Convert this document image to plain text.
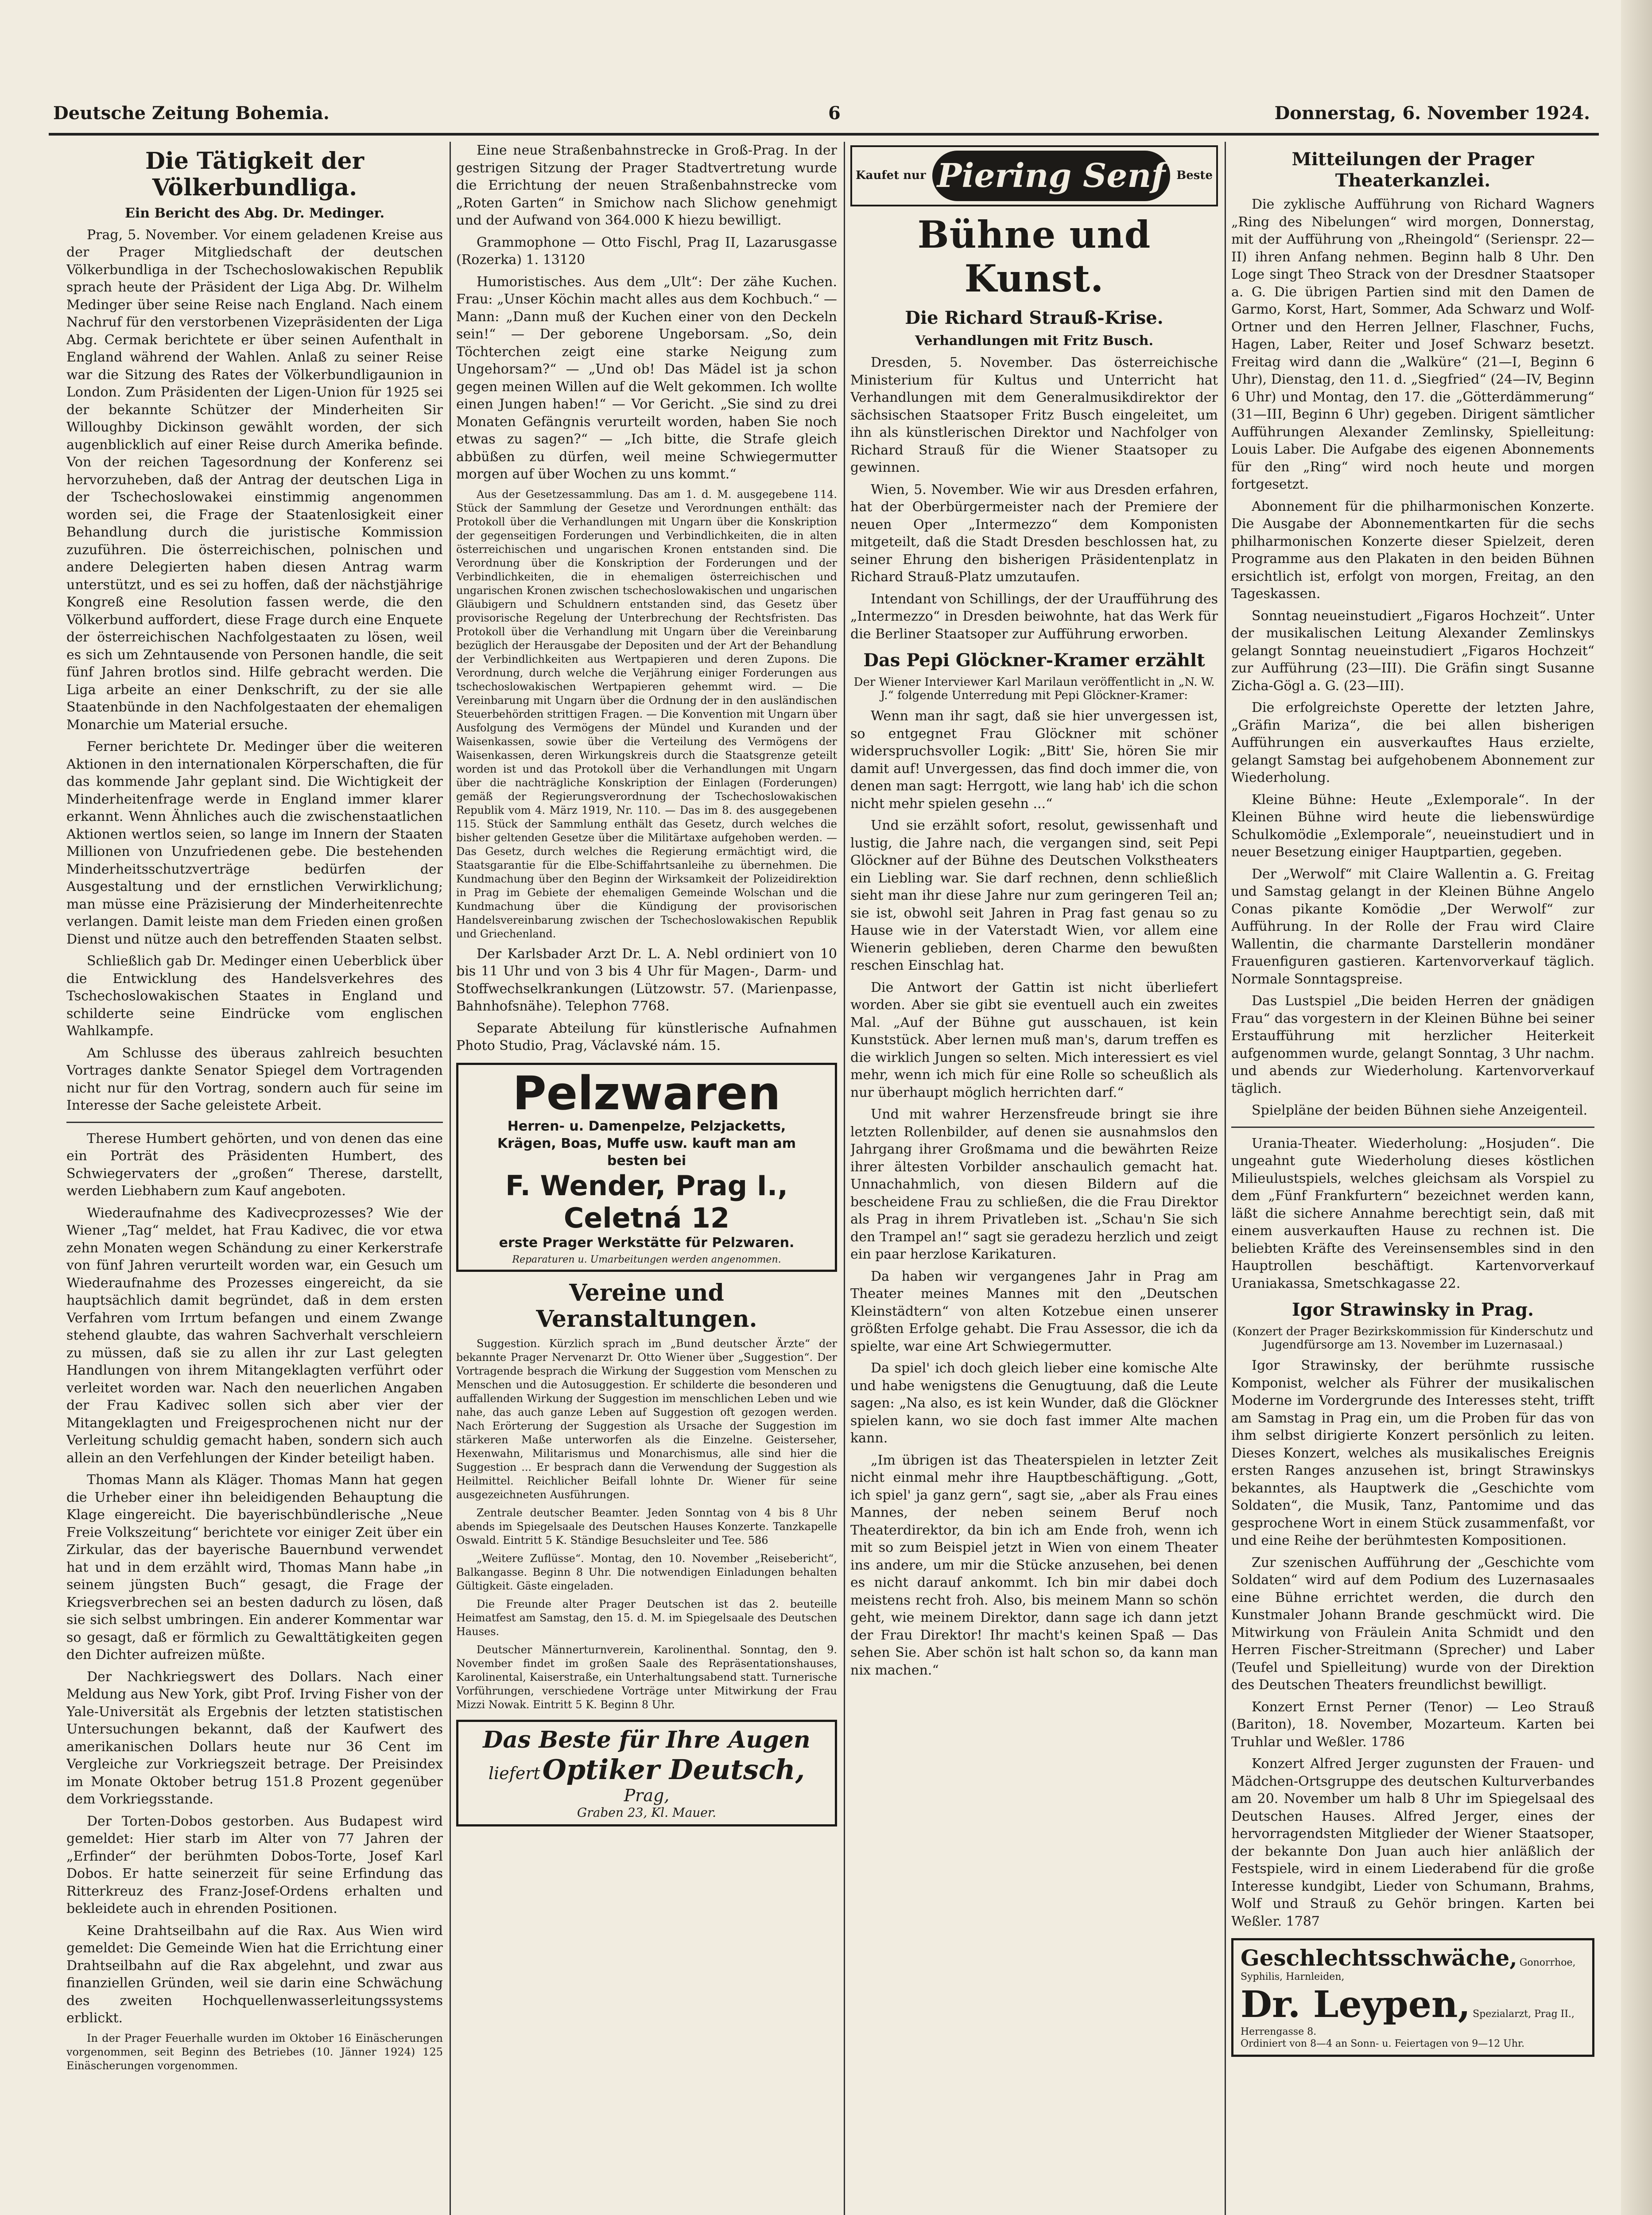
Deutsche Zeitung Bohemia.	6	Donnerstag, 6. November 1924.
Die Tätigkeit der Völkerbundliga.
Ein Bericht des Abg. Dr. Medinger.

Prag, 5. November. Vor einem geladenen Kreise aus der Prager Mitgliedschaft der deutschen Völkerbundliga in der Tschechoslowakischen Republik sprach heute der Präsident der Liga Abg. Dr. Wilhelm Medinger über seine Reise nach England. Nach einem Nachruf für den verstorbenen Vizepräsidenten der Liga Abg. Cermak berichtete er über seinen Aufenthalt in England während der Wahlen. Anlaß zu seiner Reise war die Sitzung des Rates der Völkerbundligaunion in London. Zum Präsidenten der Ligen-Union für 1925 sei der bekannte Schützer der Minderheiten Sir Willoughby Dickinson gewählt worden, der sich augenblicklich auf einer Reise durch Amerika befinde. Von der reichen Tagesordnung der Konferenz sei hervorzuheben, daß der Antrag der deutschen Liga in der Tschechoslowakei einstimmig angenommen worden sei, die Frage der Staatenlosigkeit einer Behandlung durch die juristische Kommission zuzuführen. Die österreichischen, polnischen und andere Delegierten haben diesen Antrag warm unterstützt, und es sei zu hoffen, daß der nächstjährige Kongreß eine Resolution fassen werde, die den Völkerbund auffordert, diese Frage durch eine Enquete der österreichischen Nachfolgestaaten zu lösen, weil es sich um Zehntausende von Personen handle, die seit fünf Jahren brotlos sind. Hilfe gebracht werden. Die Liga arbeite an einer Denkschrift, zu der sie alle Staatenbünde in den Nachfolgestaaten der ehemaligen Monarchie um Material ersuche.

Ferner berichtete Dr. Medinger über die weiteren Aktionen in den internationalen Körperschaften, die für das kommende Jahr geplant sind. Die Wichtigkeit der Minderheitenfrage werde in England immer klarer erkannt. Wenn Ähnliches auch die zwischenstaatlichen Aktionen wertlos seien, so lange im Innern der Staaten Millionen von Unzufriedenen gebe. Die bestehenden Minderheitsschutzverträge bedürfen der Ausgestaltung und der ernstlichen Verwirklichung; man müsse eine Präzisierung der Minderheitenrechte verlangen. Damit leiste man dem Frieden einen großen Dienst und nütze auch den betreffenden Staaten selbst.

Schließlich gab Dr. Medinger einen Ueberblick über die Entwicklung des Handelsverkehres des Tschechoslowakischen Staates in England und schilderte seine Eindrücke vom englischen Wahlkampfe.

Am Schlusse des überaus zahlreich besuchten Vortrages dankte Senator Spiegel dem Vortragenden nicht nur für den Vortrag, sondern auch für seine im Interesse der Sache geleistete Arbeit.

Therese Humbert gehörten, und von denen das eine ein Porträt des Präsidenten Humbert, des Schwiegervaters der „großen“ Therese, darstellt, werden Liebhabern zum Kauf angeboten.

Wiederaufnahme des Kadivecprozesses? Wie der Wiener „Tag“ meldet, hat Frau Kadivec, die vor etwa zehn Monaten wegen Schändung zu einer Kerkerstrafe von fünf Jahren verurteilt worden war, ein Gesuch um Wiederaufnahme des Prozesses eingereicht, da sie hauptsächlich damit begründet, daß in dem ersten Verfahren vom Irrtum befangen und einem Zwange stehend glaubte, das wahren Sachverhalt verschleiern zu müssen, daß sie zu allen ihr zur Last gelegten Handlungen von ihrem Mitangeklagten verführt oder verleitet worden war. Nach den neuerlichen Angaben der Frau Kadivec sollen sich aber vier der Mitangeklagten und Freigesprochenen nicht nur der Verleitung schuldig gemacht haben, sondern sich auch allein an den Verfehlungen der Kinder beteiligt haben.

Thomas Mann als Kläger. Thomas Mann hat gegen die Urheber einer ihn beleidigenden Behauptung die Klage eingereicht. Die bayerischbündlerische „Neue Freie Volkszeitung“ berichtete vor einiger Zeit über ein Zirkular, das der bayerische Bauernbund verwendet hat und in dem erzählt wird, Thomas Mann habe „in seinem jüngsten Buch“ gesagt, die Frage der Kriegsverbrechen sei an besten dadurch zu lösen, daß sie sich selbst umbringen. Ein anderer Kommentar war so gesagt, daß er förmlich zu Gewalttätigkeiten gegen den Dichter aufreizen müßte.

Der Nachkriegswert des Dollars. Nach einer Meldung aus New York, gibt Prof. Irving Fisher von der Yale-Universität als Ergebnis der letzten statistischen Untersuchungen bekannt, daß der Kaufwert des amerikanischen Dollars heute nur 36 Cent im Vergleiche zur Vorkriegszeit betrage. Der Preisindex im Monate Oktober betrug 151.8 Prozent gegenüber dem Vorkriegsstande.

Der Torten-Dobos gestorben. Aus Budapest wird gemeldet: Hier starb im Alter von 77 Jahren der „Erfinder“ der berühmten Dobos-Torte, Josef Karl Dobos. Er hatte seinerzeit für seine Erfindung das Ritterkreuz des Franz-Josef-Ordens erhalten und bekleidete auch in ehrenden Positionen.

Keine Drahtseilbahn auf die Rax. Aus Wien wird gemeldet: Die Gemeinde Wien hat die Errichtung einer Drahtseilbahn auf die Rax abgelehnt, und zwar aus finanziellen Gründen, weil sie darin eine Schwächung des zweiten Hochquellenwasserleitungssystems erblickt.

In der Prager Feuerhalle wurden im Oktober 16 Einäscherungen vorgenommen, seit Beginn des Betriebes (10. Jänner 1924) 125 Einäscherungen vorgenommen.

Eine neue Straßenbahnstrecke in Groß-Prag. In der gestrigen Sitzung der Prager Stadtvertretung wurde die Errichtung der neuen Straßenbahnstrecke vom „Roten Garten“ in Smichow nach Slichow genehmigt und der Aufwand von 364.000 K hiezu bewilligt.

Grammophone — Otto Fischl, Prag II, Lazarusgasse (Rozerka) 1. 13120

Humoristisches. Aus dem „Ult“: Der zähe Kuchen. Frau: „Unser Köchin macht alles aus dem Kochbuch.“ — Mann: „Dann muß der Kuchen einer von den Deckeln sein!“ — Der geborene Ungeborsam. „So, dein Töchterchen zeigt eine starke Neigung zum Ungehorsam?“ — „Und ob! Das Mädel ist ja schon gegen meinen Willen auf die Welt gekommen. Ich wollte einen Jungen haben!“ — Vor Gericht. „Sie sind zu drei Monaten Gefängnis verurteilt worden, haben Sie noch etwas zu sagen?“ — „Ich bitte, die Strafe gleich abbüßen zu dürfen, weil meine Schwiegermutter morgen auf über Wochen zu uns kommt.“

Aus der Gesetzessammlung. Das am 1. d. M. ausgegebene 114. Stück der Sammlung der Gesetze und Verordnungen enthält: das Protokoll über die Verhandlungen mit Ungarn über die Konskription der gegenseitigen Forderungen und Verbindlichkeiten, die in alten österreichischen und ungarischen Kronen entstanden sind. Die Verordnung über die Konskription der Forderungen und der Verbindlichkeiten, die in ehemaligen österreichischen und ungarischen Kronen zwischen tschechoslowakischen und ungarischen Gläubigern und Schuldnern entstanden sind, das Gesetz über provisorische Regelung der Unterbrechung der Rechtsfristen. Das Protokoll über die Verhandlung mit Ungarn über die Vereinbarung bezüglich der Herausgabe der Depositen und der Art der Behandlung der Verbindlichkeiten aus Wertpapieren und deren Zupons. Die Verordnung, durch welche die Verjährung einiger Forderungen aus tschechoslowakischen Wertpapieren gehemmt wird. — Die Vereinbarung mit Ungarn über die Ordnung der in den ausländischen Steuerbehörden strittigen Fragen. — Die Konvention mit Ungarn über Ausfolgung des Vermögens der Mündel und Kuranden und der Waisenkassen, sowie über die Verteilung des Vermögens der Waisenkassen, deren Wirkungskreis durch die Staatsgrenze geteilt worden ist und das Protokoll über die Verhandlungen mit Ungarn über die nachträgliche Konskription der Einlagen (Forderungen) gemäß der Regierungsverordnung der Tschechoslowakischen Republik vom 4. März 1919, Nr. 110. — Das im 8. des ausgegebenen 115. Stück der Sammlung enthält das Gesetz, durch welches die bisher geltenden Gesetze über die Militärtaxe aufgehoben werden. — Das Gesetz, durch welches die Regierung ermächtigt wird, die Staatsgarantie für die Elbe-Schiffahrtsanleihe zu übernehmen. Die Kundmachung über den Beginn der Wirksamkeit der Polizeidirektion in Prag im Gebiete der ehemaligen Gemeinde Wolschan und die Kundmachung über die Kündigung der provisorischen Handelsvereinbarung zwischen der Tschechoslowakischen Republik und Griechenland.

Der Karlsbader Arzt Dr. L. A. Nebl ordiniert von 10 bis 11 Uhr und von 3 bis 4 Uhr für Magen-, Darm- und Stoffwechselkrankungen (Lützowstr. 57. (Marienpasse, Bahnhofsnähe). Telephon 7768.

Separate Abteilung für künstlerische Aufnahmen Photo Studio, Prag, Václavské nám. 15.

Pelzwaren
Herren- u. Damenpelze, Pelzjacketts,
Krägen, Boas, Muffe usw. kauft man am
besten bei
F. Wender, Prag I., Celetná 12
erste Prager Werkstätte für Pelzwaren.
Reparaturen u. Umarbeitungen werden angenommen.
Vereine und Veranstaltungen.

Suggestion. Kürzlich sprach im „Bund deutscher Ärzte“ der bekannte Prager Nervenarzt Dr. Otto Wiener über „Suggestion“. Der Vortragende besprach die Wirkung der Suggestion vom Menschen zu Menschen und die Autosuggestion. Er schilderte die besonderen und auffallenden Wirkung der Suggestion im menschlichen Leben und wie nahe, das auch ganze Leben auf Suggestion oft gezogen werden. Nach Erörterung der Suggestion als Ursache der Suggestion im stärkeren Maße unterworfen als die Einzelne. Geisterseher, Hexenwahn, Militarismus und Monarchismus, alle sind hier die Suggestion ... Er besprach dann die Verwendung der Suggestion als Heilmittel. Reichlicher Beifall lohnte Dr. Wiener für seine ausgezeichneten Ausführungen.

Zentrale deutscher Beamter. Jeden Sonntag von 4 bis 8 Uhr abends im Spiegelsaale des Deutschen Hauses Konzerte. Tanzkapelle Oswald. Eintritt 5 K. Ständige Besuchsleiter und Tee. 586

„Weitere Zuflüsse“. Montag, den 10. November „Reisebericht“, Balkangasse. Beginn 8 Uhr. Die notwendigen Einladungen behalten Gültigkeit. Gäste eingeladen.

Die Freunde alter Prager Deutschen ist das 2. beuteille Heimatfest am Samstag, den 15. d. M. im Spiegelsaale des Deutschen Hauses.

Deutscher Männerturnverein, Karolinenthal. Sonntag, den 9. November findet im großen Saale des Repräsentationshauses, Karolinental, Kaiserstraße, ein Unterhaltungsabend statt. Turnerische Vorführungen, verschiedene Vorträge unter Mitwirkung der Frau Mizzi Nowak. Eintritt 5 K. Beginn 8 Uhr.

Das Beste für Ihre Augen
liefert Optiker Deutsch, Prag,
Graben 23, Kl. Mauer.
Kaufet nur Piering Senf Beste
Bühne und Kunst.
Die Richard Strauß-Krise.
Verhandlungen mit Fritz Busch.

Dresden, 5. November. Das österreichische Ministerium für Kultus und Unterricht hat Verhandlungen mit dem Generalmusikdirektor der sächsischen Staatsoper Fritz Busch eingeleitet, um ihn als künstlerischen Direktor und Nachfolger von Richard Strauß für die Wiener Staatsoper zu gewinnen.

Wien, 5. November. Wie wir aus Dresden erfahren, hat der Oberbürgermeister nach der Premiere der neuen Oper „Intermezzo“ dem Komponisten mitgeteilt, daß die Stadt Dresden beschlossen hat, zu seiner Ehrung den bisherigen Präsidentenplatz in Richard Strauß-Platz umzutaufen.

Intendant von Schillings, der der Uraufführung des „Intermezzo“ in Dresden beiwohnte, hat das Werk für die Berliner Staatsoper zur Aufführung erworben.

Das Pepi Glöckner-Kramer erzählt
Der Wiener Interviewer Karl Marilaun veröffentlicht in „N. W. J.“ folgende Unterredung mit Pepi Glöckner-Kramer:

Wenn man ihr sagt, daß sie hier unvergessen ist, so entgegnet Frau Glöckner mit schöner widerspruchsvoller Logik: „Bitt' Sie, hören Sie mir damit auf! Unvergessen, das find doch immer die, von denen man sagt: Herrgott, wie lang hab' ich die schon nicht mehr spielen gesehn ...“

Und sie erzählt sofort, resolut, gewissenhaft und lustig, die Jahre nach, die vergangen sind, seit Pepi Glöckner auf der Bühne des Deutschen Volkstheaters ein Liebling war. Sie darf rechnen, denn schließlich sieht man ihr diese Jahre nur zum geringeren Teil an; sie ist, obwohl seit Jahren in Prag fast genau so zu Hause wie in der Vaterstadt Wien, vor allem eine Wienerin geblieben, deren Charme den bewußten reschen Einschlag hat.

Die Antwort der Gattin ist nicht überliefert worden. Aber sie gibt sie eventuell auch ein zweites Mal. „Auf der Bühne gut ausschauen, ist kein Kunststück. Aber lernen muß man's, darum treffen es die wirklich Jungen so selten. Mich interessiert es viel mehr, wenn ich mich für eine Rolle so scheußlich als nur überhaupt möglich herrichten darf.“

Und mit wahrer Herzensfreude bringt sie ihre letzten Rollenbilder, auf denen sie ausnahmslos den Jahrgang ihrer Großmama und die bewährten Reize ihrer ältesten Vorbilder anschaulich gemacht hat. Unnachahmlich, von diesen Bildern auf die bescheidene Frau zu schließen, die die Frau Direktor als Prag in ihrem Privatleben ist. „Schau'n Sie sich den Trampel an!“ sagt sie geradezu herzlich und zeigt ein paar herzlose Karikaturen.

Da haben wir vergangenes Jahr in Prag am Theater meines Mannes mit den „Deutschen Kleinstädtern“ von alten Kotzebue einen unserer größten Erfolge gehabt. Die Frau Assessor, die ich da spielte, war eine Art Schwiegermutter.

Da spiel' ich doch gleich lieber eine komische Alte und habe wenigstens die Genugtuung, daß die Leute sagen: „Na also, es ist kein Wunder, daß die Glöckner spielen kann, wo sie doch fast immer Alte machen kann.

„Im übrigen ist das Theaterspielen in letzter Zeit nicht einmal mehr ihre Hauptbeschäftigung. „Gott, ich spiel' ja ganz gern“, sagt sie, „aber als Frau eines Mannes, der neben seinem Beruf noch Theaterdirektor, da bin ich am Ende froh, wenn ich mit so zum Beispiel jetzt in Wien von einem Theater ins andere, um mir die Stücke anzusehen, bei denen es nicht darauf ankommt. Ich bin mir dabei doch meistens recht froh. Also, bis meinem Mann so schön geht, wie meinem Direktor, dann sage ich dann jetzt der Frau Direktor! Ihr macht's keinen Spaß — Das sehen Sie. Aber schön ist halt schon so, da kann man nix machen.“

Mitteilungen der Prager Theaterkanzlei.

Die zyklische Aufführung von Richard Wagners „Ring des Nibelungen“ wird morgen, Donnerstag, mit der Aufführung von „Rheingold“ (Serienspr. 22—II) ihren Anfang nehmen. Beginn halb 8 Uhr. Den Loge singt Theo Strack von der Dresdner Staatsoper a. G. Die übrigen Partien sind mit den Damen de Garmo, Korst, Hart, Sommer, Ada Schwarz und Wolf-Ortner und den Herren Jellner, Flaschner, Fuchs, Hagen, Laber, Reiter und Josef Schwarz besetzt. Freitag wird dann die „Walküre“ (21—I, Beginn 6 Uhr), Dienstag, den 11. d. „Siegfried“ (24—IV, Beginn 6 Uhr) und Montag, den 17. die „Götterdämmerung“ (31—III, Beginn 6 Uhr) gegeben. Dirigent sämtlicher Aufführungen Alexander Zemlinsky, Spielleitung: Louis Laber. Die Aufgabe des eigenen Abonnements für den „Ring“ wird noch heute und morgen fortgesetzt.

Abonnement für die philharmonischen Konzerte. Die Ausgabe der Abonnementkarten für die sechs philharmonischen Konzerte dieser Spielzeit, deren Programme aus den Plakaten in den beiden Bühnen ersichtlich ist, erfolgt von morgen, Freitag, an den Tageskassen.

Sonntag neueinstudiert „Figaros Hochzeit“. Unter der musikalischen Leitung Alexander Zemlinskys gelangt Sonntag neueinstudiert „Figaros Hochzeit“ zur Aufführung (23—III). Die Gräfin singt Susanne Zicha-Gögl a. G. (23—III).

Die erfolgreichste Operette der letzten Jahre, „Gräfin Mariza“, die bei allen bisherigen Aufführungen ein ausverkauftes Haus erzielte, gelangt Samstag bei aufgehobenem Abonnement zur Wiederholung.

Kleine Bühne: Heute „Exlemporale“. In der Kleinen Bühne wird heute die liebenswürdige Schulkomödie „Exlemporale“, neueinstudiert und in neuer Besetzung einiger Hauptpartien, gegeben.

Der „Werwolf“ mit Claire Wallentin a. G. Freitag und Samstag gelangt in der Kleinen Bühne Angelo Conas pikante Komödie „Der Werwolf“ zur Aufführung. In der Rolle der Frau wird Claire Wallentin, die charmante Darstellerin mondäner Frauenfiguren gastieren. Kartenvorverkauf täglich. Normale Sonntagspreise.

Das Lustspiel „Die beiden Herren der gnädigen Frau“ das vorgestern in der Kleinen Bühne bei seiner Erstaufführung mit herzlicher Heiterkeit aufgenommen wurde, gelangt Sonntag, 3 Uhr nachm. und abends zur Wiederholung. Kartenvorverkauf täglich.

Spielpläne der beiden Bühnen siehe Anzeigenteil.

Urania-Theater. Wiederholung: „Hosjuden“. Die ungeahnt gute Wiederholung dieses köstlichen Milieulustspiels, welches gleichsam als Vorspiel zu dem „Fünf Frankfurtern“ bezeichnet werden kann, läßt die sichere Annahme berechtigt sein, daß mit einem ausverkauften Hause zu rechnen ist. Die beliebten Kräfte des Vereinsensembles sind in den Hauptrollen beschäftigt. Kartenvorverkauf Uraniakassa, Smetschkagasse 22.

Igor Strawinsky in Prag.
(Konzert der Prager Bezirkskommission für Kinderschutz und Jugendfürsorge am 13. November im Luzernasaal.)

Igor Strawinsky, der berühmte russische Komponist, welcher als Führer der musikalischen Moderne im Vordergrunde des Interesses steht, trifft am Samstag in Prag ein, um die Proben für das von ihm selbst dirigierte Konzert persönlich zu leiten. Dieses Konzert, welches als musikalisches Ereignis ersten Ranges anzusehen ist, bringt Strawinskys bekanntes, als Hauptwerk die „Geschichte vom Soldaten“, die Musik, Tanz, Pantomime und das gesprochene Wort in einem Stück zusammenfaßt, vor und eine Reihe der berühmtesten Kompositionen.

Zur szenischen Aufführung der „Geschichte vom Soldaten“ wird auf dem Podium des Luzernasaales eine Bühne errichtet werden, die durch den Kunstmaler Johann Brande geschmückt wird. Die Mitwirkung von Fräulein Anita Schmidt und den Herren Fischer-Streitmann (Sprecher) und Laber (Teufel und Spielleitung) wurde von der Direktion des Deutschen Theaters freundlichst bewilligt.

Konzert Ernst Perner (Tenor) — Leo Strauß (Bariton), 18. November, Mozarteum. Karten bei Truhlar und Weßler. 1786

Konzert Alfred Jerger zugunsten der Frauen- und Mädchen-Ortsgruppe des deutschen Kulturverbandes am 20. November um halb 8 Uhr im Spiegelsaal des Deutschen Hauses. Alfred Jerger, eines der hervorragendsten Mitglieder der Wiener Staatsoper, der bekannte Don Juan auch hier anläßlich der Festspiele, wird in einem Liederabend für die große Interesse kundgibt, Lieder von Schumann, Brahms, Wolf und Strauß zu Gehör bringen. Karten bei Weßler. 1787

Geschlechtsschwäche, Gonorrhoe, Syphilis, Harnleiden,
Dr. Leypen, Spezialarzt, Prag II., Herrengasse 8.
Ordiniert von 8—4 an Sonn- u. Feiertagen von 9—12 Uhr.
